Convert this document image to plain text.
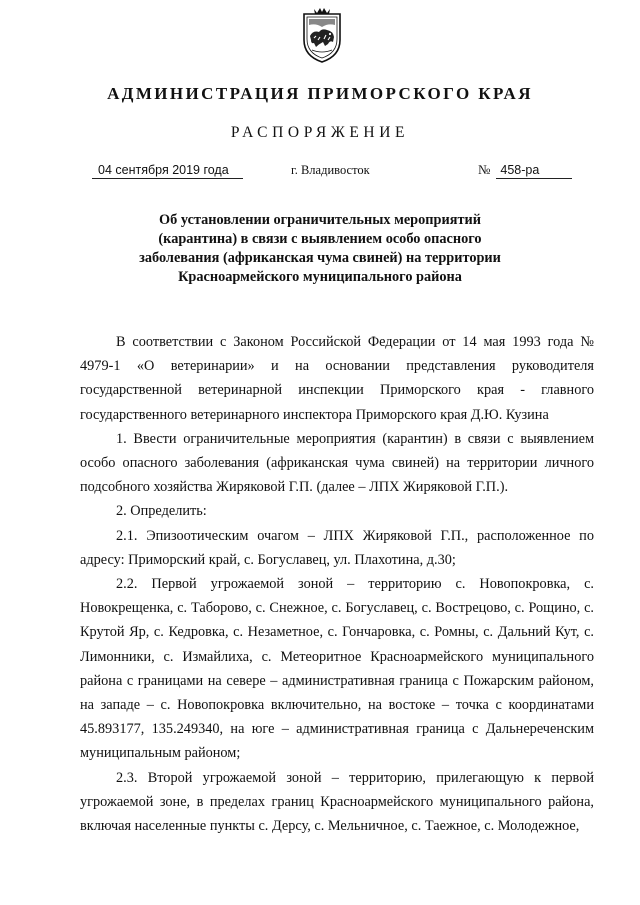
АДМИНИСТРАЦИЯ ПРИМОРСКОГО КРАЯ
РАСПОРЯЖЕНИЕ
04 сентября 2019 года	г. Владивосток	№ 458-ра
Об установлении ограничительных мероприятий (карантина) в связи с выявлением особо опасного заболевания (африканская чума свиней) на территории Красноармейского муниципального района

В соответствии с Законом Российской Федерации от 14 мая 1993 года № 4979-1 «О ветеринарии» и на основании представления руководителя государственной ветеринарной инспекции Приморского края - главного государственного ветеринарного инспектора Приморского края Д.Ю. Кузина

1. Ввести ограничительные мероприятия (карантин) в связи с выявлением особо опасного заболевания (африканская чума свиней) на территории личного подсобного хозяйства Жиряковой Г.П. (далее – ЛПХ Жиряковой Г.П.).

2. Определить:

2.1. Эпизоотическим очагом – ЛПХ Жиряковой Г.П., расположенное по адресу: Приморский край, с. Богуславец, ул. Плахотина, д.30;

2.2. Первой угрожаемой зоной – территорию с. Новопокровка, с. Новокрещенка, с. Таборово, с. Снежное, с. Богуславец, с. Вострецово, с. Рощино, с. Крутой Яр, с. Кедровка, с. Незаметное, с. Гончаровка, с. Ромны, с. Дальний Кут, с. Лимонники, с. Измайлиха, с. Метеоритное Красноармейского муниципального района с границами на севере – административная граница с Пожарским районом, на западе – с. Новопокровка включительно, на востоке – точка с координатами 45.893177, 135.249340, на юге – административная граница с Дальнереченским муниципальным районом;

2.3. Второй угрожаемой зоной – территорию, прилегающую к первой угрожаемой зоне, в пределах границ Красноармейского муниципального района, включая населенные пункты с. Дерсу, с. Мельничное, с. Таежное, с. Молодежное,
